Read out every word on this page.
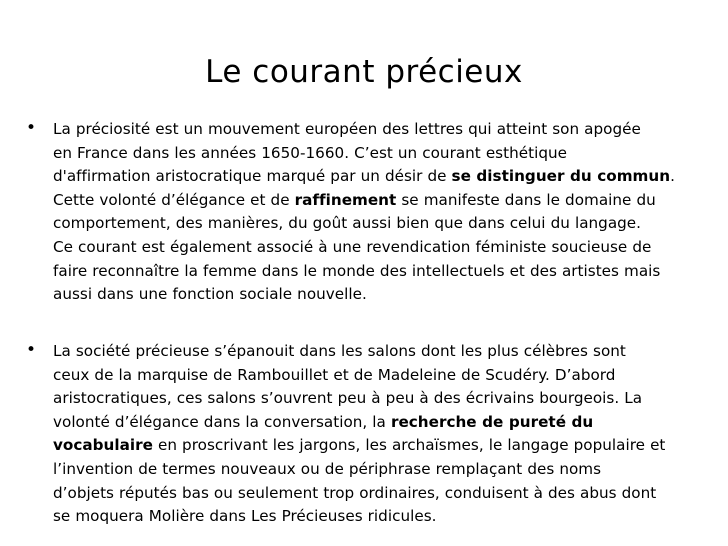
Le courant précieux
• La préciosité est un mouvement européen des lettres qui atteint son apogée
en France dans les années 1650-1660. C’est un courant esthétique
d'affirmation aristocratique marqué par un désir de se distinguer du commun.
Cette volonté d’élégance et de raffinement se manifeste dans le domaine du
comportement, des manières, du goût aussi bien que dans celui du langage.
Ce courant est également associé à une revendication féministe soucieuse de
faire reconnaître la femme dans le monde des intellectuels et des artistes mais
aussi dans une fonction sociale nouvelle.
• La société précieuse s’épanouit dans les salons dont les plus célèbres sont
ceux de la marquise de Rambouillet et de Madeleine de Scudéry. D’abord
aristocratiques, ces salons s’ouvrent peu à peu à des écrivains bourgeois. La
volonté d’élégance dans la conversation, la recherche de pureté du
vocabulaire en proscrivant les jargons, les archaïsmes, le langage populaire et
l’invention de termes nouveaux ou de périphrase remplaçant des noms
d’objets réputés bas ou seulement trop ordinaires, conduisent à des abus dont
se moquera Molière dans Les Précieuses ridicules.
